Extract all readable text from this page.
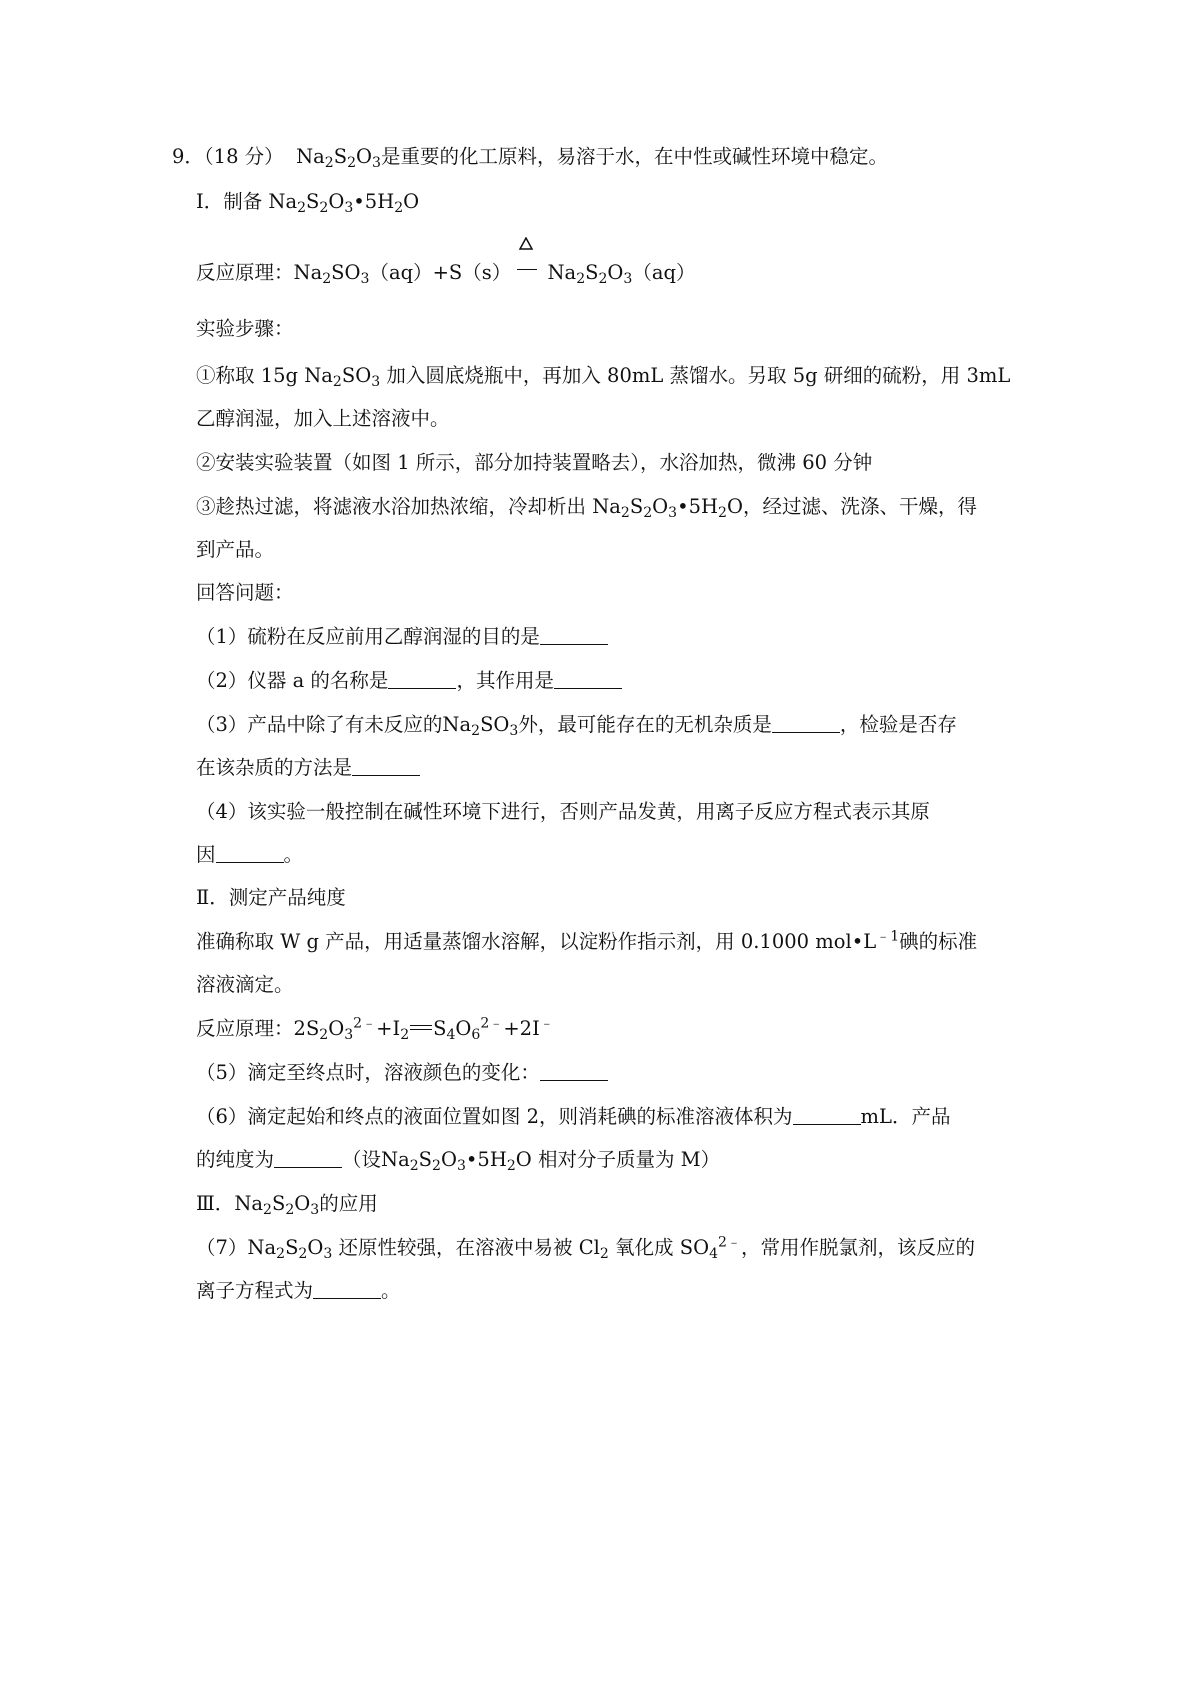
9．（18 分） $Na_2S_2O_3$是重要的化工原料，易溶于水，在中性或碱性环境中稳定。
Ⅰ．制备 $Na_2S_2O_3•5H_2O$
反应原理：$Na_2SO_3(aq)+S(s)$ $Na_2S_2O_3(aq)$
实验步骤：
①称取 15g $Na_2SO_3$ 加入圆底烧瓶中，再加入 80mL 蒸馏水。另取 5g 研细的硫粉，用 3mL
乙醇润湿，加入上述溶液中。
②安装实验装置（如图 1 所示，部分加持装置略去），水浴加热，微沸 60 分钟
③趁热过滤，将滤液水浴加热浓缩，冷却析出 $Na_2S_2O_3•5H_2O$，经过滤、洗涤、干燥，得
到产品。
回答问题：
（1）硫粉在反应前用乙醇润湿的目的是
（2）仪器 a 的名称是	，其作用是
（3）产品中除了有未反应的$Na_2SO_3$外，最可能存在的无机杂质是	，检验是否存
在该杂质的方法是
（4）该实验一般控制在碱性环境下进行，否则产品发黄，用离子反应方程式表示其原
因	。
Ⅱ．测定产品纯度
准确称取 W g 产品，用适量蒸馏水溶解，以淀粉作指示剂，用 0.1000 $mol•L^{﹣1}$碘的标准
溶液滴定。
反应原理：$2S_2O_3^{2﹣}+I_2$ $S_4O_6^{2﹣}+2I^﹣$
（5）滴定至终点时，溶液颜色的变化：
（6）滴定起始和终点的液面位置如图 2，则消耗碘的标准溶液体积为	mL．产品
的纯度为	（设$Na_2S_2O_3•5H_2O$ 相对分子质量为 M）
Ⅲ．$Na_2S_2O_3$的应用
$(7)Na_2S_2O_3$ 还原性较强，在溶液中易被 $Cl_2$ 氧化成 $SO_4^{2﹣}$，常用作脱氯剂，该反应的
离子方程式为	。
